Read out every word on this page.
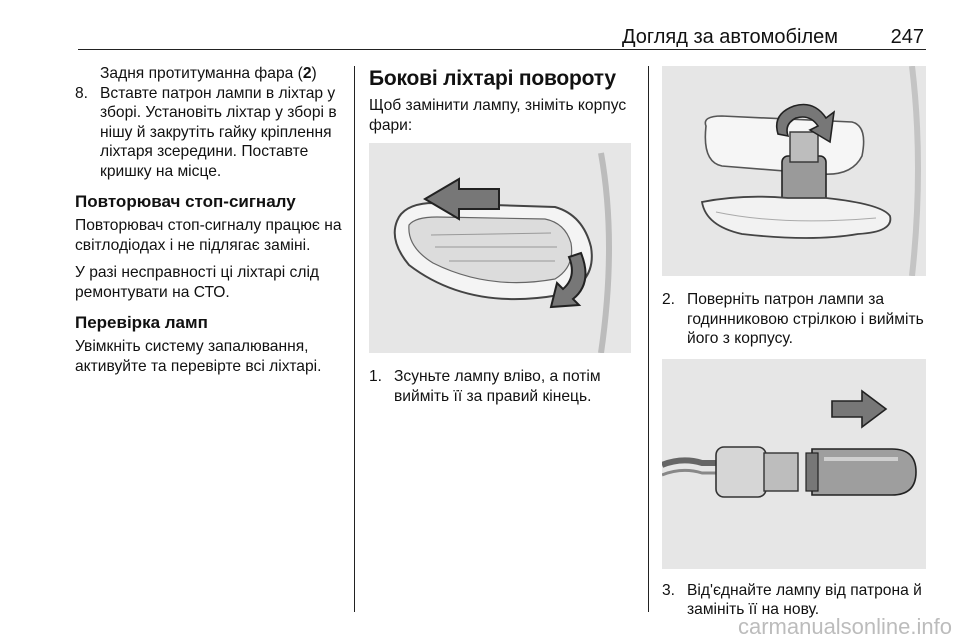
Догляд за автомобілем	247

Задня протитуманна фара (2)

8. Вставте патрон лампи в ліхтар у зборі. Установіть ліхтар у зборі в нішу й закрутіть гайку кріплення ліхтаря зсередини. Поставте кришку на місце.

Повторювач стоп-сигналу

Повторювач стоп-сигналу працює на світлодіодах і не підлягає заміні.

У разі несправності ці ліхтарі слід ремонтувати на СТО.

Перевірка ламп

Увімкніть систему запалювання, активуйте та перевірте всі ліхтарі.

Бокові ліхтарі повороту

Щоб замінити лампу, зніміть корпус фари:

1. Зсуньте лампу вліво, а потім вийміть її за правий кінець.
2. Поверніть патрон лампи за годинниковою стрілкою і вийміть його з корпусу.
3. Від'єднайте лампу від патрона й замініть її на нову.
carmanualsonline.info
